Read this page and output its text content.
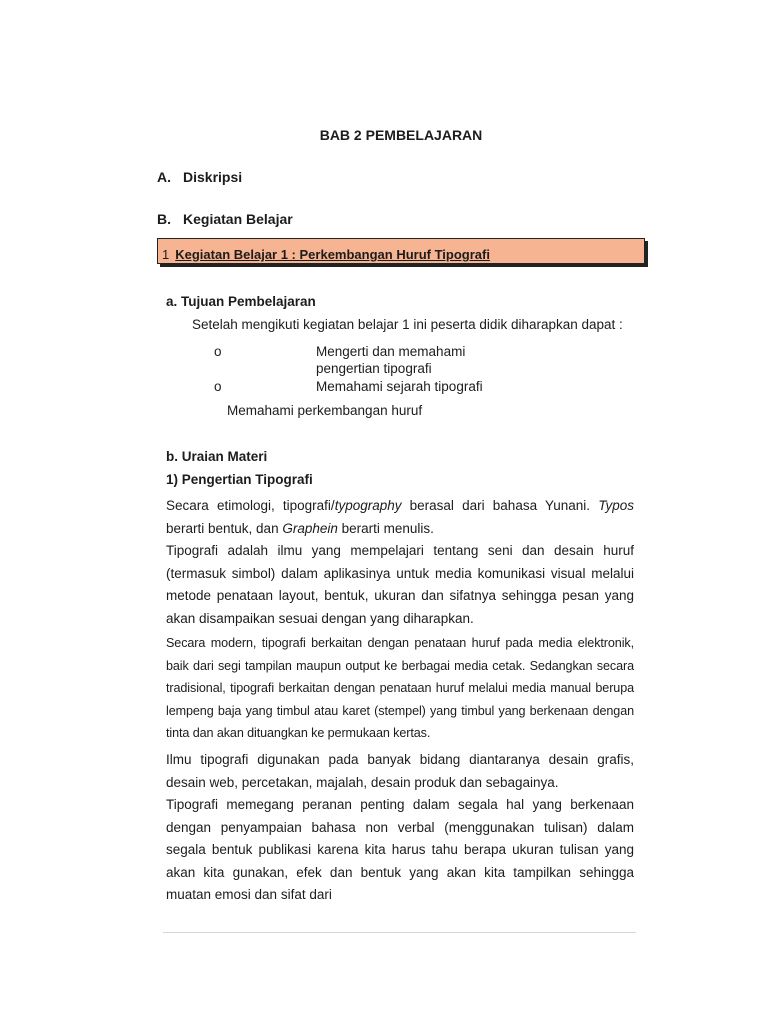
BAB 2 PEMBELAJARAN
A. Diskripsi
B. Kegiatan Belajar
1 Kegiatan Belajar 1 : Perkembangan Huruf Tipografi
a. Tujuan Pembelajaran
Setelah mengikuti kegiatan belajar 1 ini peserta didik diharapkan dapat :
o	Mengerti dan memahami
pengertian tipografi
o	Memahami sejarah tipografi
Memahami perkembangan huruf
b. Uraian Materi
1) Pengertian Tipografi

Secara etimologi, tipografi/typography berasal dari bahasa Yunani. Typos berarti bentuk, dan Graphein berarti menulis.

Tipografi adalah ilmu yang mempelajari tentang seni dan desain huruf (termasuk simbol) dalam aplikasinya untuk media komunikasi visual melalui metode penataan layout, bentuk, ukuran dan sifatnya sehingga pesan yang akan disampaikan sesuai dengan yang diharapkan.

Secara modern, tipografi berkaitan dengan penataan huruf pada media elektronik, baik dari segi tampilan maupun output ke berbagai media cetak. Sedangkan secara tradisional, tipografi berkaitan dengan penataan huruf melalui media manual berupa lempeng baja yang timbul atau karet (stempel) yang timbul yang berkenaan dengan tinta dan akan dituangkan ke permukaan kertas.

Ilmu tipografi digunakan pada banyak bidang diantaranya desain grafis, desain web, percetakan, majalah, desain produk dan sebagainya.

Tipografi memegang peranan penting dalam segala hal yang berkenaan dengan penyampaian bahasa non verbal (menggunakan tulisan) dalam segala bentuk publikasi karena kita harus tahu berapa ukuran tulisan yang akan kita gunakan, efek dan bentuk yang akan kita tampilkan sehingga muatan emosi dan sifat dari
